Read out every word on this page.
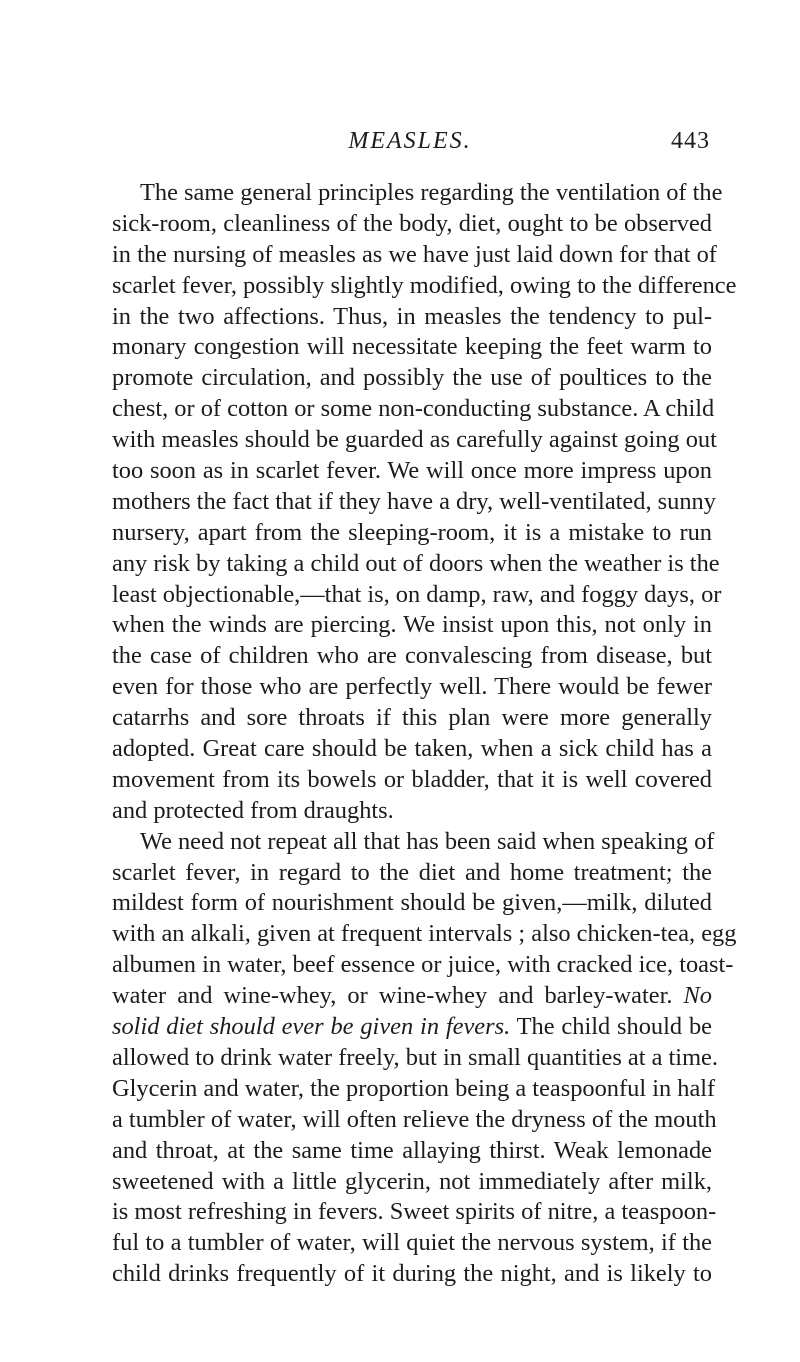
MEASLES.	443
The same general principles regarding the ventilation of the
sick-room, cleanliness of the body, diet, ought to be observed
in the nursing of measles as we have just laid down for that of
scarlet fever, possibly slightly modified, owing to the difference
in the two affections. Thus, in measles the tendency to pul-
monary congestion will necessitate keeping the feet warm to
promote circulation, and possibly the use of poultices to the
chest, or of cotton or some non-conducting substance. A child
with measles should be guarded as carefully against going out
too soon as in scarlet fever. We will once more impress upon
mothers the fact that if they have a dry, well-ventilated, sunny
nursery, apart from the sleeping-room, it is a mistake to run
any risk by taking a child out of doors when the weather is the
least objectionable,—that is, on damp, raw, and foggy days, or
when the winds are piercing. We insist upon this, not only in
the case of children who are convalescing from disease, but
even for those who are perfectly well. There would be fewer
catarrhs and sore throats if this plan were more generally
adopted. Great care should be taken, when a sick child has a
movement from its bowels or bladder, that it is well covered
and protected from draughts.
We need not repeat all that has been said when speaking of
scarlet fever, in regard to the diet and home treatment; the
mildest form of nourishment should be given,—milk, diluted
with an alkali, given at frequent intervals ; also chicken-tea, egg
albumen in water, beef essence or juice, with cracked ice, toast-
water and wine-whey, or wine-whey and barley-water. No
solid diet should ever be given in fevers. The child should be
allowed to drink water freely, but in small quantities at a time.
Glycerin and water, the proportion being a teaspoonful in half
a tumbler of water, will often relieve the dryness of the mouth
and throat, at the same time allaying thirst. Weak lemonade
sweetened with a little glycerin, not immediately after milk,
is most refreshing in fevers. Sweet spirits of nitre, a teaspoon-
ful to a tumbler of water, will quiet the nervous system, if the
child drinks frequently of it during the night, and is likely to
